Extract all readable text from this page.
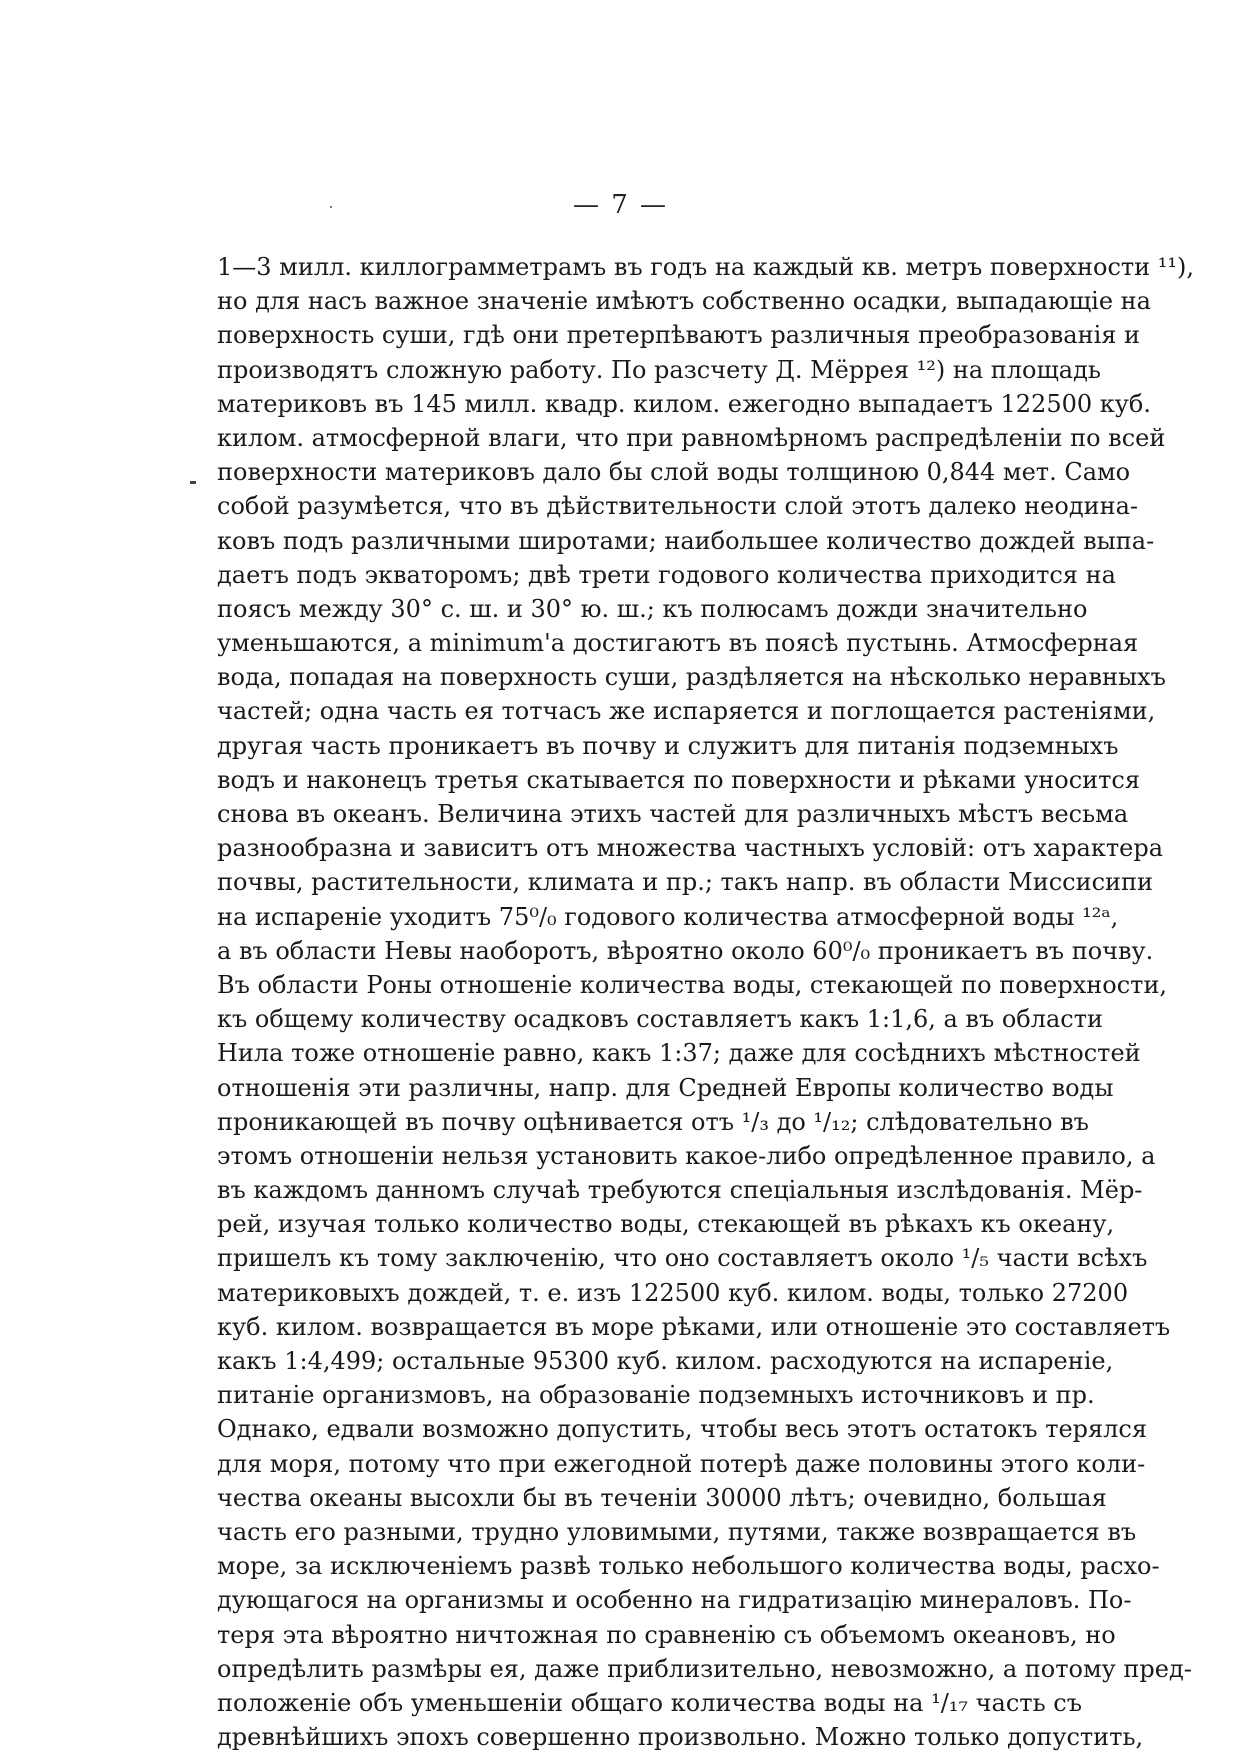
— 7 —
1—3 милл. киллограмметрамъ въ годъ на каждый кв. метръ поверхности ¹¹),
но для насъ важное значеніе имѣютъ собственно осадки, выпадающіе на
поверхность суши, гдѣ они претерпѣваютъ различныя преобразованія и
производятъ сложную работу. По разсчету Д. Мёррея ¹²) на площадь
материковъ въ 145 милл. квадр. килом. ежегодно выпадаетъ 122500 куб.
килом. атмосферной влаги, что при равномѣрномъ распредѣленіи по всей
поверхности материковъ дало бы слой воды толщиною 0,844 мет. Само
собой разумѣется, что въ дѣйствительности слой этотъ далеко неодина-
ковъ подъ различными широтами; наибольшее количество дождей выпа-
даетъ подъ экваторомъ; двѣ трети годового количества приходится на
поясъ между 30° с. ш. и 30° ю. ш.; къ полюсамъ дожди значительно
уменьшаются, а minimum'а достигаютъ въ поясѣ пустынь. Атмосферная
вода, попадая на поверхность суши, раздѣляется на нѣсколько неравныхъ
частей; одна часть ея тотчасъ же испаряется и поглощается растеніями,
другая часть проникаетъ въ почву и служитъ для питанія подземныхъ
водъ и наконецъ третья скатывается по поверхности и рѣками уносится
снова въ океанъ. Величина этихъ частей для различныхъ мѣстъ весьма
разнообразна и зависитъ отъ множества частныхъ условій: отъ характера
почвы, растительности, климата и пр.; такъ напр. въ области Миссисипи
на испареніе уходитъ 75⁰/₀ годового количества атмосферной воды ¹²ᵃ,
а въ области Невы наоборотъ, вѣроятно около 60⁰/₀ проникаетъ въ почву.
Въ области Роны отношеніе количества воды, стекающей по поверхности,
къ общему количеству осадковъ составляетъ какъ 1:1,6, а въ области
Нила тоже отношеніе равно, какъ 1:37; даже для сосѣднихъ мѣстностей
отношенія эти различны, напр. для Средней Европы количество воды
проникающей въ почву оцѣнивается отъ ¹/₃ до ¹/₁₂; слѣдовательно въ
этомъ отношеніи нельзя установить какое-либо опредѣленное правило, а
въ каждомъ данномъ случаѣ требуются спеціальныя изслѣдованія. Мёр-
рей, изучая только количество воды, стекающей въ рѣкахъ къ океану,
пришелъ къ тому заключенію, что оно составляетъ около ¹/₅ части всѣхъ
материковыхъ дождей, т. е. изъ 122500 куб. килом. воды, только 27200
куб. килом. возвращается въ море рѣками, или отношеніе это составляетъ
какъ 1:4,499; остальные 95300 куб. килом. расходуются на испареніе,
питаніе организмовъ, на образованіе подземныхъ источниковъ и пр.
Однако, едвали возможно допустить, чтобы весь этотъ остатокъ терялся
для моря, потому что при ежегодной потерѣ даже половины этого коли-
чества океаны высохли бы въ теченіи 30000 лѣтъ; очевидно, большая
часть его разными, трудно уловимыми, путями, также возвращается въ
море, за исключеніемъ развѣ только небольшого количества воды, расхо-
дующагося на организмы и особенно на гидратизацію минераловъ. По-
теря эта вѣроятно ничтожная по сравненію съ объемомъ океановъ, но
опредѣлить размѣры ея, даже приблизительно, невозможно, а потому пред-
положеніе объ уменьшеніи общаго количества воды на ¹/₁₇ часть съ
древнѣйшихъ эпохъ совершенно произвольно. Можно только допустить,
